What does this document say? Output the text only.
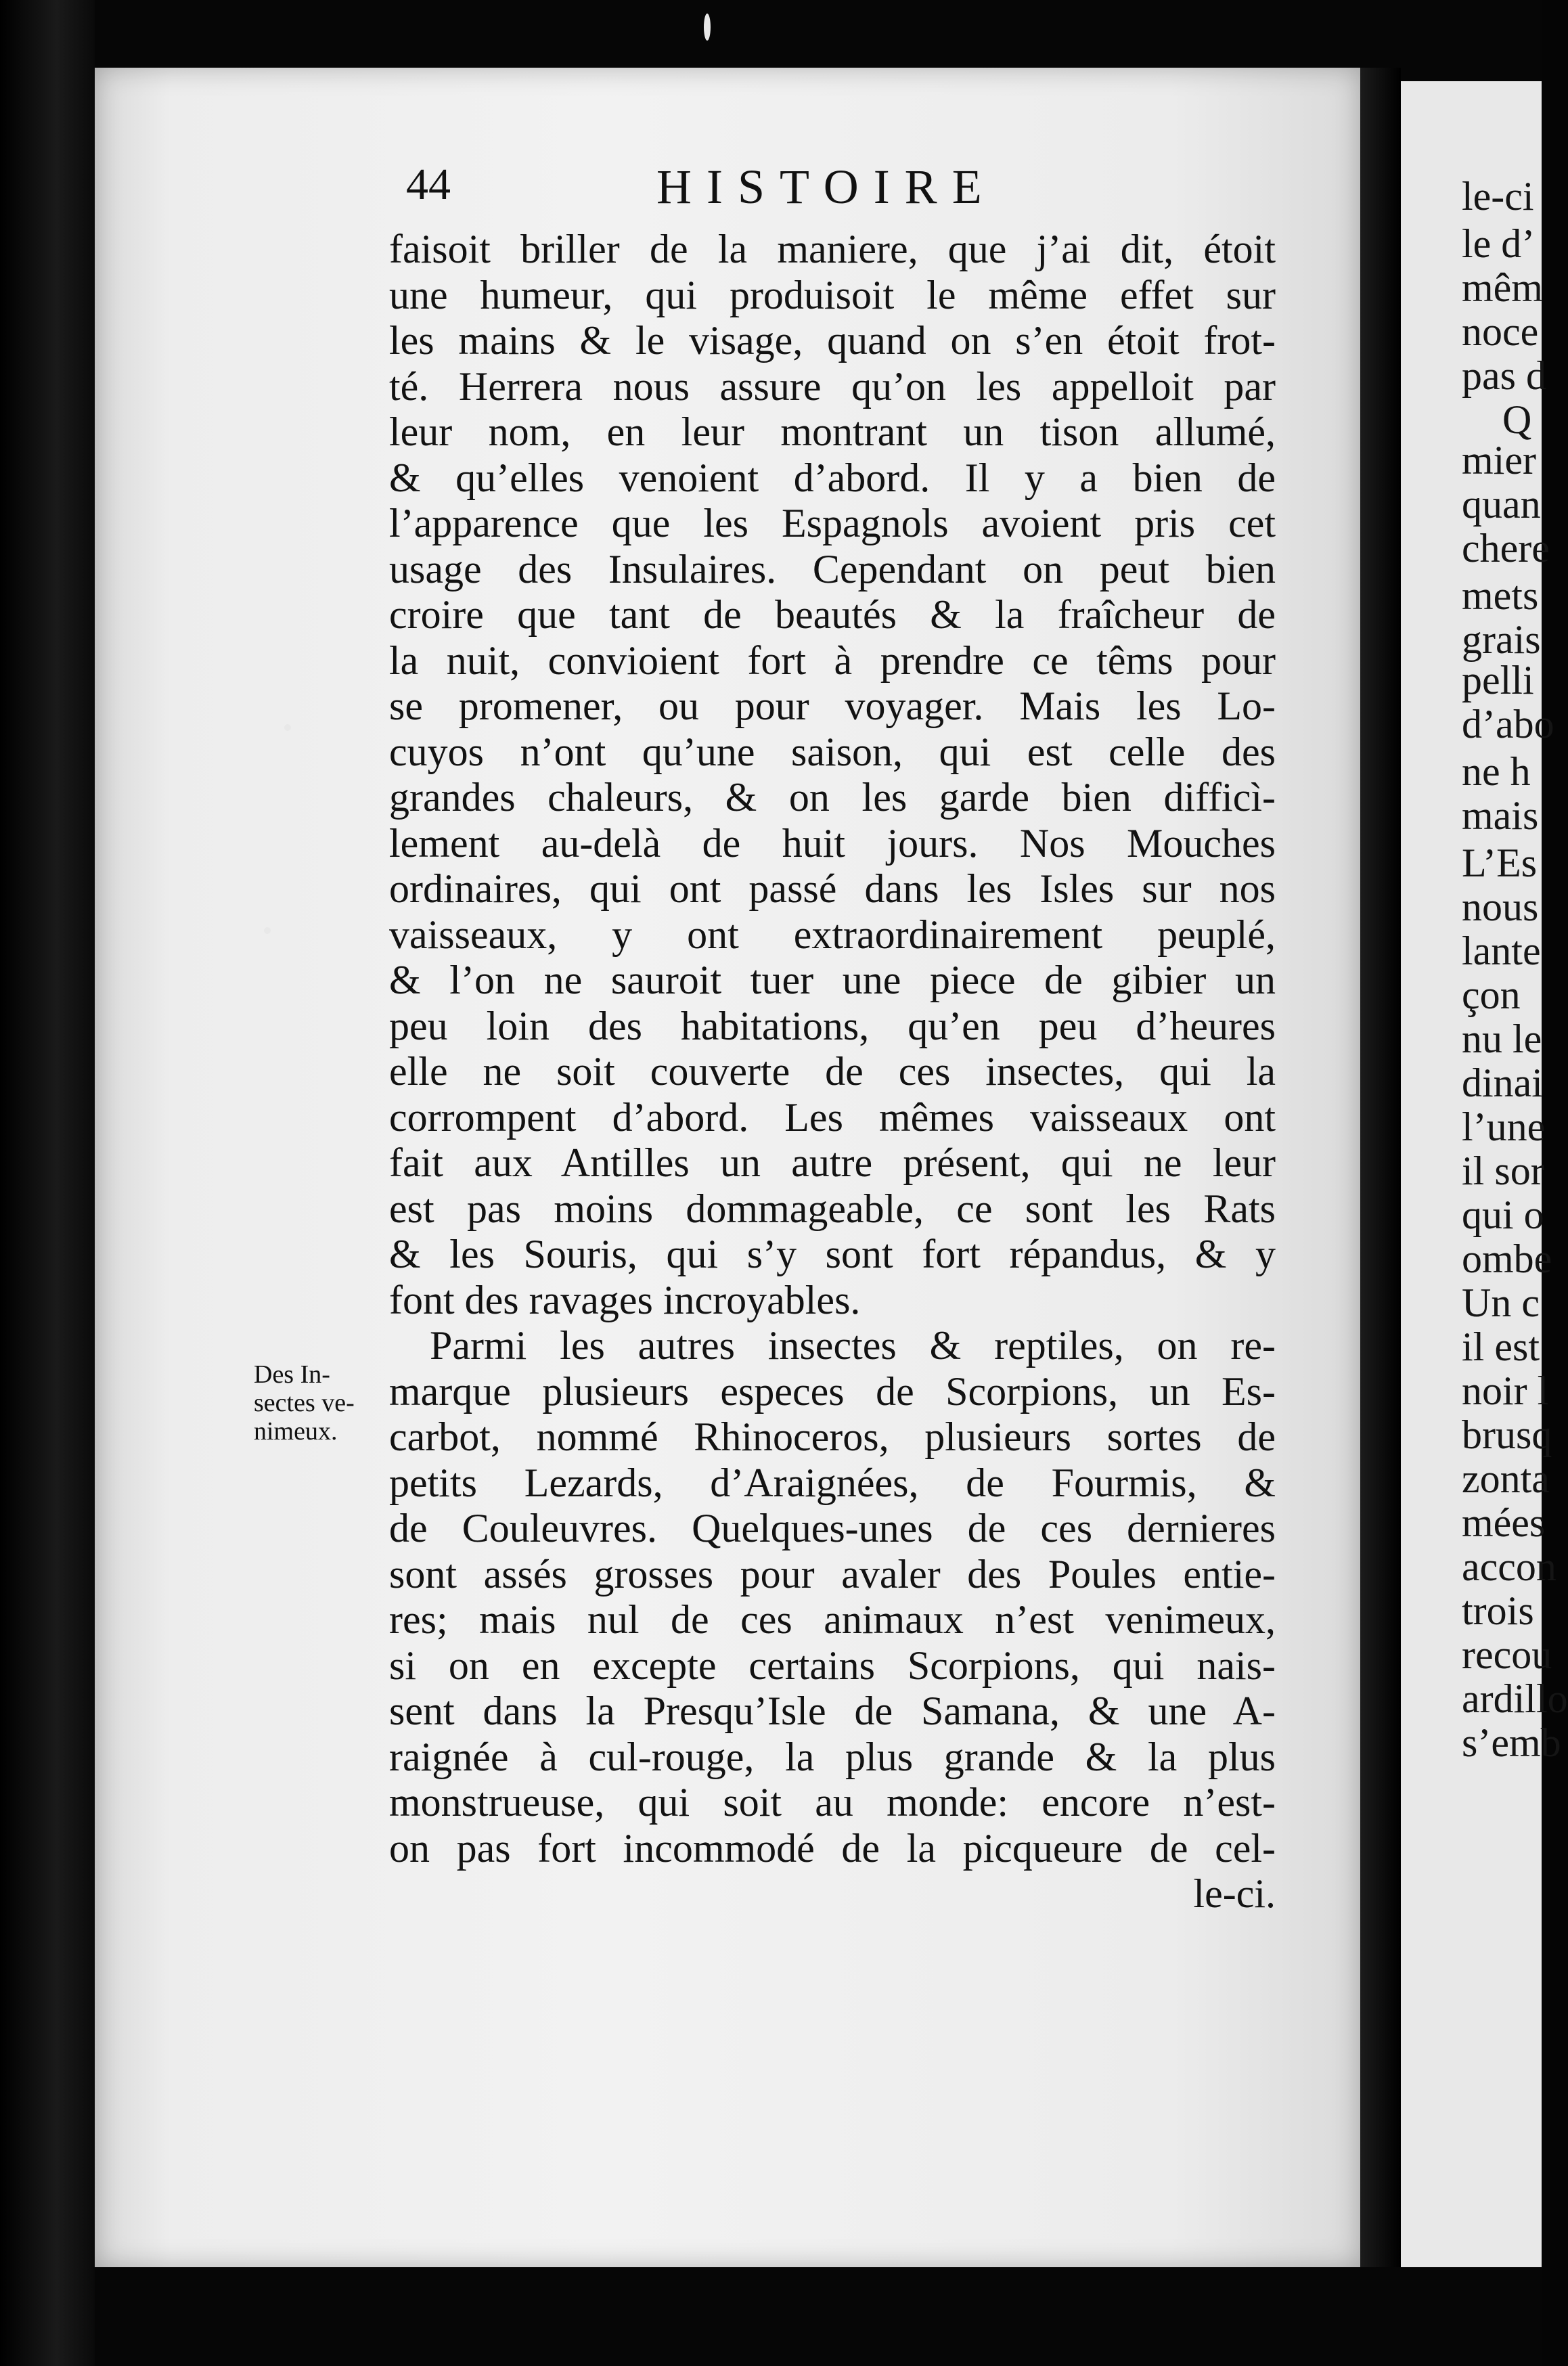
le-ci
le d’
mêm
noce
pas d
Q
mier
quan
chere
mets
grais
pelli
d’abo
ne h
mais
L’Es
nous
lante
çon
nu le
dinai
l’une
il sor
qui o
ombe
Un c
il est
noir l
brusq
zonta
mées
accon
trois
recou
ardillo
s’emb
44	HISTOIRE
Des In-
sectes ve-
nimeux.
faisoit briller de la maniere, que j’ai dit, étoit
une humeur, qui produisoit le même effet sur
les mains & le visage, quand on s’en étoit frot-
té. Herrera nous assure qu’on les appelloit par
leur nom, en leur montrant un tison allumé,
& qu’elles venoient d’abord. Il y a bien de
l’apparence que les Espagnols avoient pris cet
usage des Insulaires. Cependant on peut bien
croire que tant de beautés & la fraîcheur de
la nuit, convioient fort à prendre ce têms pour
se promener, ou pour voyager. Mais les Lo-
cuyos n’ont qu’une saison, qui est celle des
grandes chaleurs, & on les garde bien difficì-
lement au-delà de huit jours. Nos Mouches
ordinaires, qui ont passé dans les Isles sur nos
vaisseaux, y ont extraordinairement peuplé,
& l’on ne sauroit tuer une piece de gibier un
peu loin des habitations, qu’en peu d’heures
elle ne soit couverte de ces insectes, qui la
corrompent d’abord. Les mêmes vaisseaux ont
fait aux Antilles un autre présent, qui ne leur
est pas moins dommageable, ce sont les Rats
& les Souris, qui s’y sont fort répandus, & y
font des ravages incroyables.
Parmi les autres insectes & reptiles, on re-
marque plusieurs especes de Scorpions, un Es-
carbot, nommé Rhinoceros, plusieurs sortes de
petits Lezards, d’Araignées, de Fourmis, &
de Couleuvres. Quelques-unes de ces dernieres
sont assés grosses pour avaler des Poules entie-
res; mais nul de ces animaux n’est venimeux,
si on en excepte certains Scorpions, qui nais-
sent dans la Presqu’Isle de Samana, & une A-
raignée à cul-rouge, la plus grande & la plus
monstrueuse, qui soit au monde: encore n’est-
on pas fort incommodé de la picqueure de cel-
le-ci.
